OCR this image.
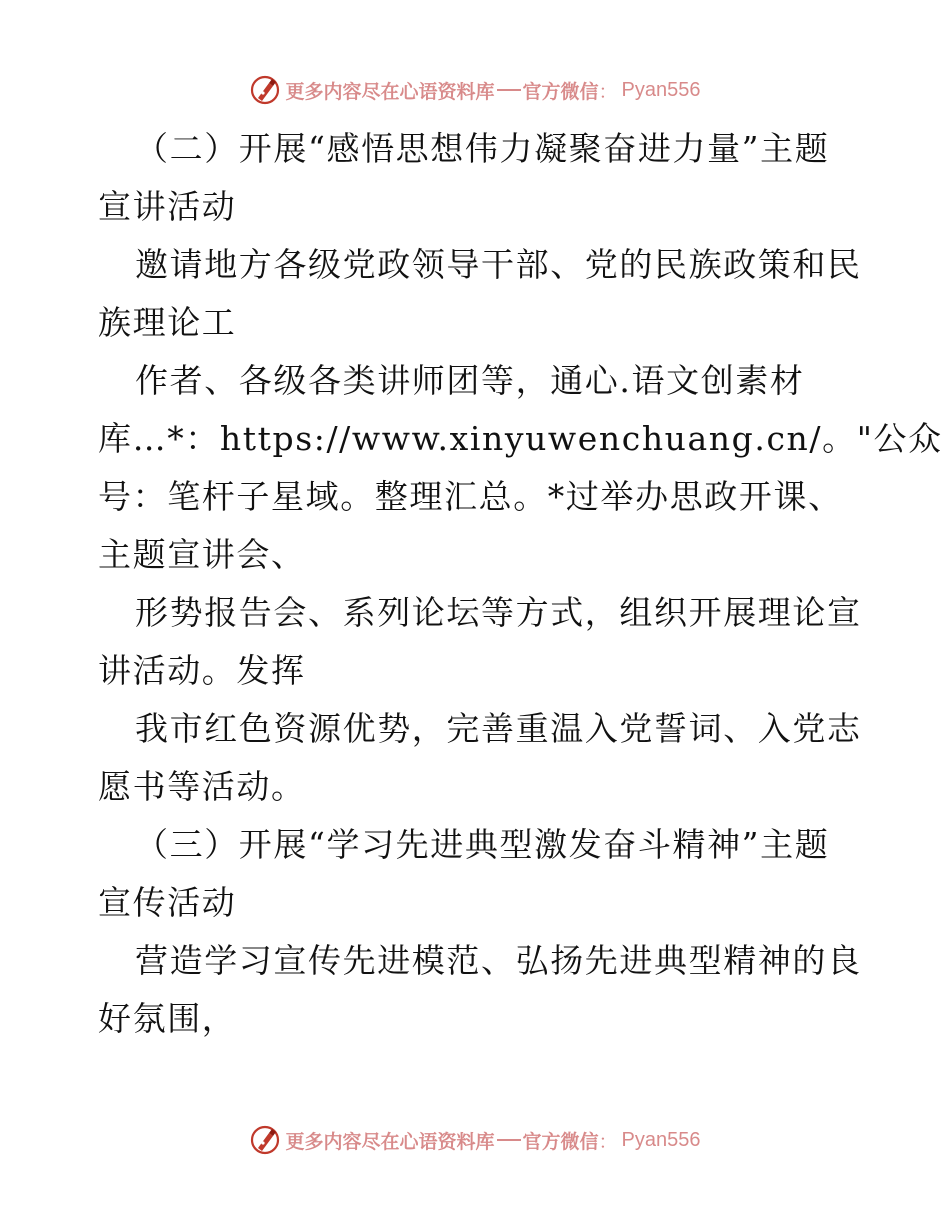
更多内容尽在心语资料库 官方微信 ： Pyan556
（二）开展“感悟思想伟力凝聚奋进力量”主题
宣讲活动
邀请地方各级党政领导干部、党的民族政策和民
族理论工
作者、各级各类讲师团等，通心.语文创素材
库…*：https://www.xinyuwenchuang.cn/。"公众
号：笔杆子星域。整理汇总。*过举办思政开课、
主题宣讲会、
形势报告会、系列论坛等方式，组织开展理论宣
讲活动。发挥
我市红色资源优势，完善重温入党誓词、入党志
愿书等活动。
（三）开展“学习先进典型激发奋斗精神”主题
宣传活动
营造学习宣传先进模范、弘扬先进典型精神的良
好氛围，
更多内容尽在心语资料库 官方微信 ： Pyan556
